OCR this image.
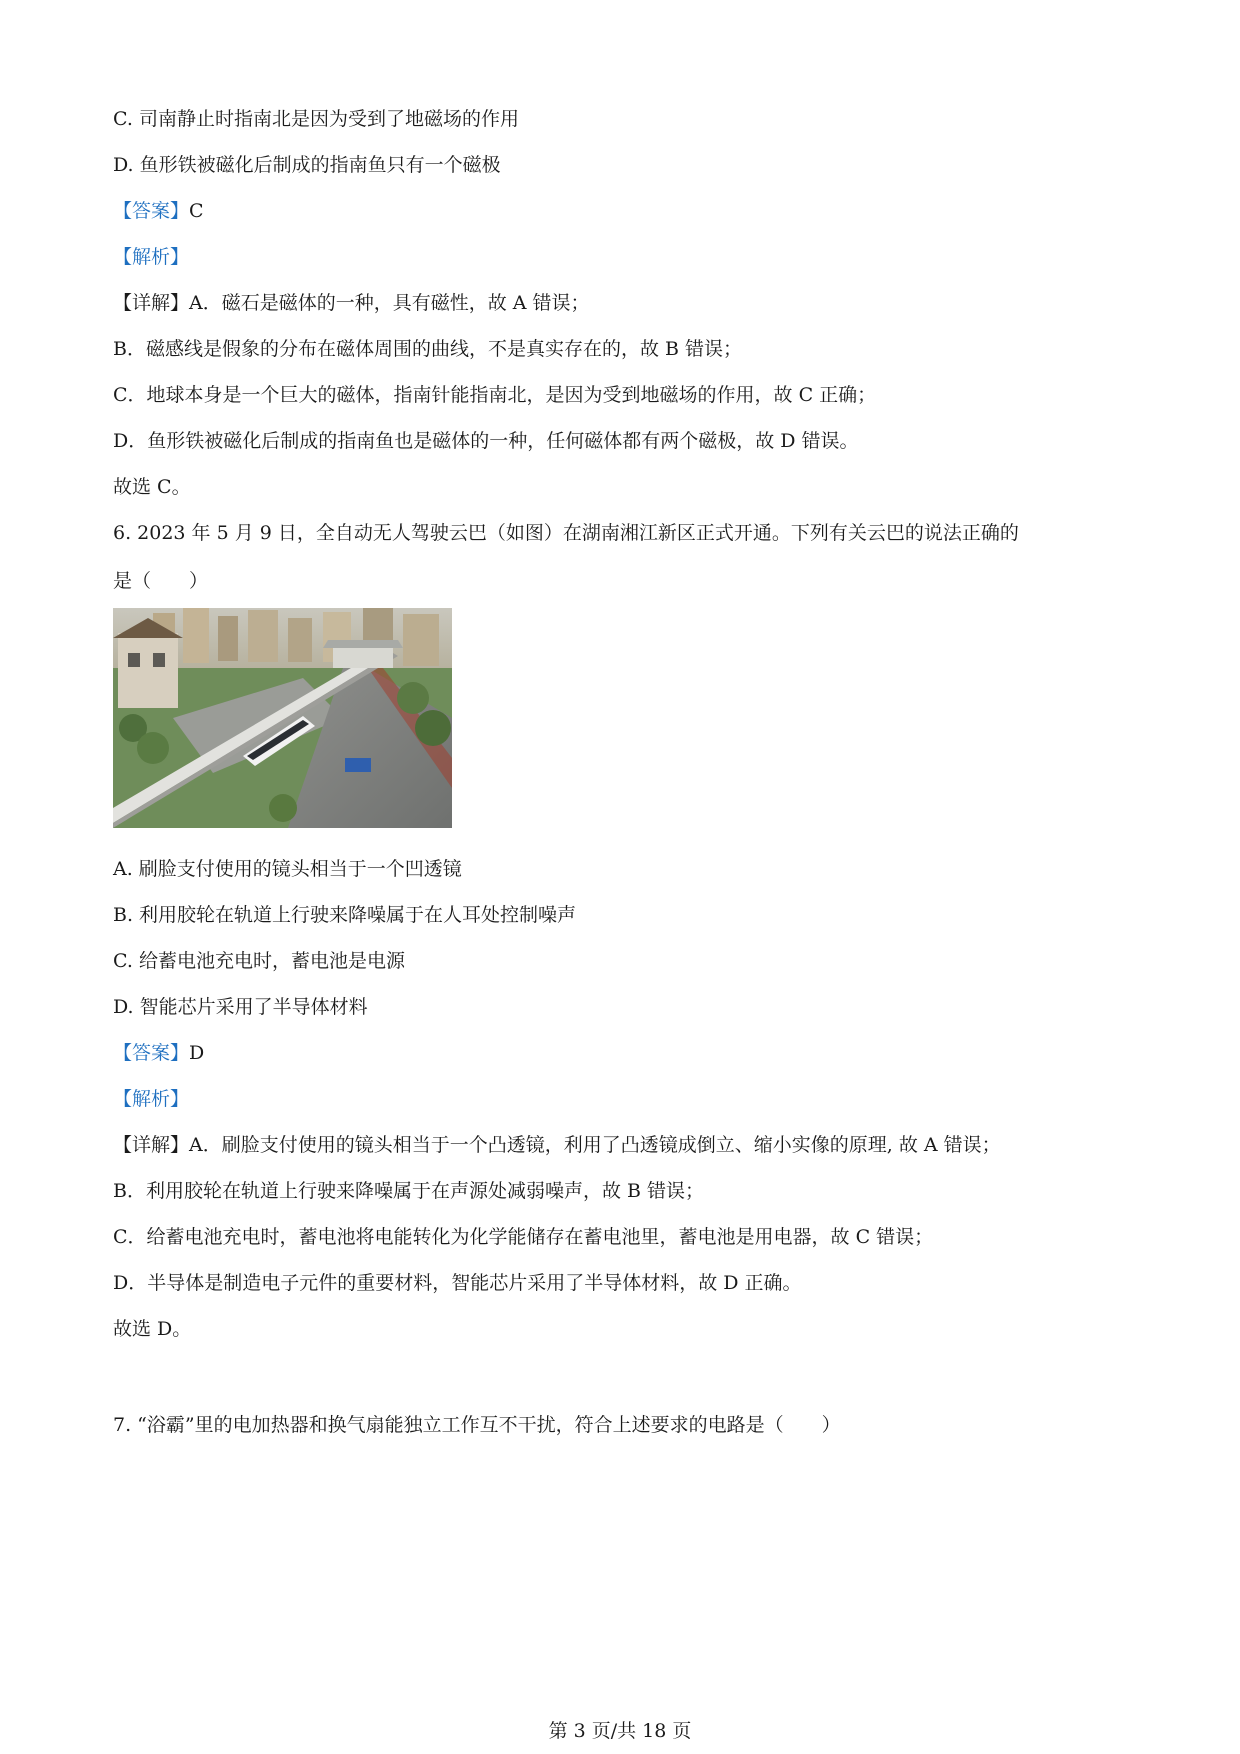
C. 司南静止时指南北是因为受到了地磁场的作用
D. 鱼形铁被磁化后制成的指南鱼只有一个磁极
【答案】C
【解析】
【详解】A．磁石是磁体的一种，具有磁性，故 A 错误；
B．磁感线是假象的分布在磁体周围的曲线，不是真实存在的，故 B 错误；
C．地球本身是一个巨大的磁体，指南针能指南北，是因为受到地磁场的作用，故 C 正确；
D．鱼形铁被磁化后制成的指南鱼也是磁体的一种，任何磁体都有两个磁极，故 D 错误。
故选 C。
6. 2023 年 5 月 9 日，全自动无人驾驶云巴（如图）在湖南湘江新区正式开通。下列有关云巴的说法正确的
是（　　）
A. 刷脸支付使用的镜头相当于一个凹透镜
B. 利用胶轮在轨道上行驶来降噪属于在人耳处控制噪声
C. 给蓄电池充电时，蓄电池是电源
D. 智能芯片采用了半导体材料
【答案】D
【解析】
【详解】A．刷脸支付使用的镜头相当于一个凸透镜，利用了凸透镜成倒立、缩小实像的原理, 故 A 错误；
B．利用胶轮在轨道上行驶来降噪属于在声源处减弱噪声，故 B 错误；
C．给蓄电池充电时，蓄电池将电能转化为化学能储存在蓄电池里，蓄电池是用电器，故 C 错误；
D．半导体是制造电子元件的重要材料，智能芯片采用了半导体材料，故 D 正确。
故选 D。
7. “浴霸”里的电加热器和换气扇能独立工作互不干扰，符合上述要求的电路是（　　）
第 3 页/共 18 页
